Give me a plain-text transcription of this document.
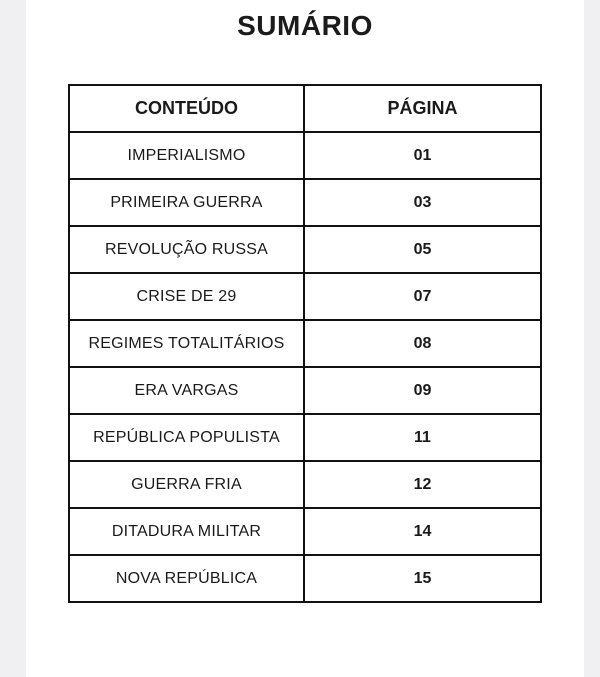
SUMÁRIO
CONTEÚDO	PÁGINA
IMPERIALISMO	01
PRIMEIRA GUERRA	03
REVOLUÇÃO RUSSA	05
CRISE DE 29	07
REGIMES TOTALITÁRIOS	08
ERA VARGAS	09
REPÚBLICA POPULISTA	11
GUERRA FRIA	12
DITADURA MILITAR	14
NOVA REPÚBLICA	15
